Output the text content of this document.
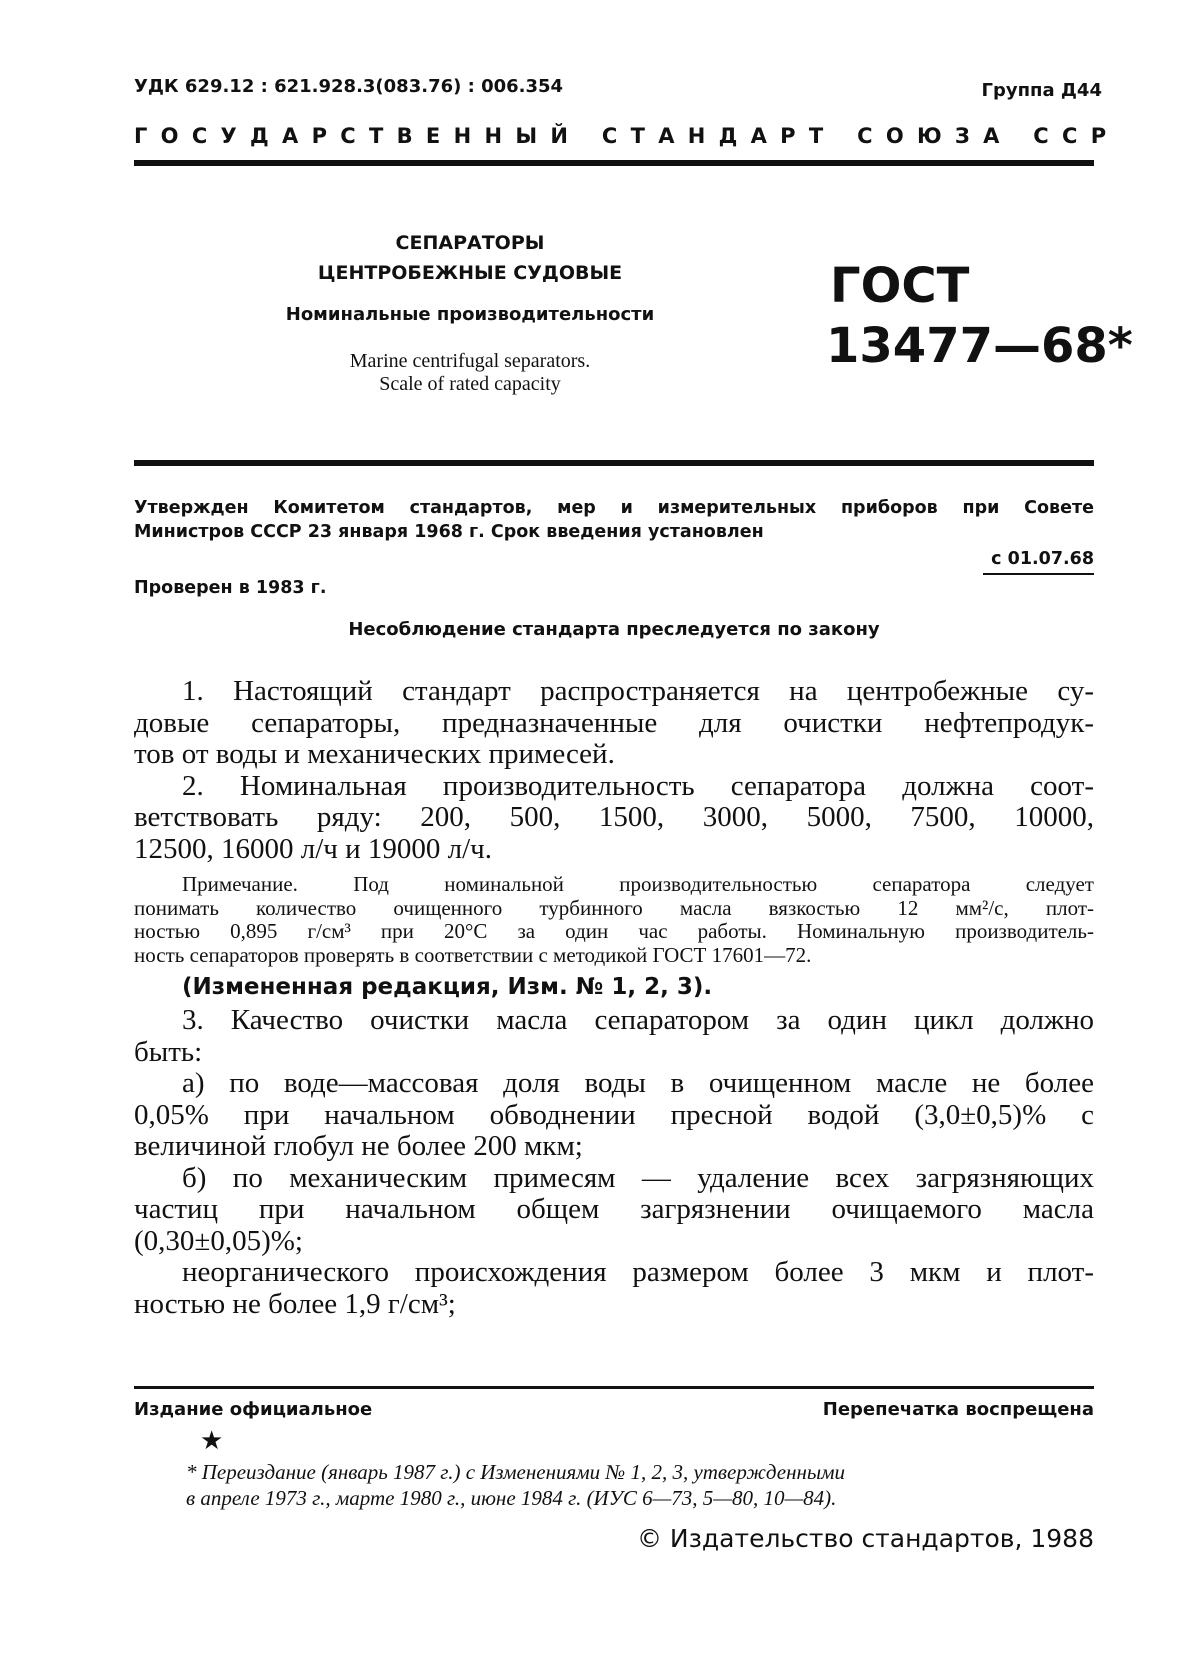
УДК 629.12 : 621.928.3(083.76) : 006.354	Группа Д44
ГОСУДАРСТВЕННЫЙ СТАНДАРТ СОЮЗА ССР
СЕПАРАТОРЫ
ЦЕНТРОБЕЖНЫЕ СУДОВЫЕ
Номинальные производительности
Marine centrifugal separators.
Scale of rated capacity
ГОСТ
13477—68*
Утвержден Комитетом стандартов, мер и измерительных приборов при Совете
Министров СССР 23 января 1968 г. Срок введения установлен
с 01.07.68
Проверен в 1983 г.
Несоблюдение стандарта преследуется по закону

1. Настоящий стандарт распространяется на центробежные су-

довые сепараторы, предназначенные для очистки нефтепродук-

тов от воды и механических примесей.

2. Номинальная производительность сепаратора должна соот-

ветствовать ряду: 200, 500, 1500, 3000, 5000, 7500, 10000,

12500, 16000 л/ч и 19000 л/ч.

Примечание. Под номинальной производительностью сепаратора следует

понимать количество очищенного турбинного масла вязкостью 12 мм²/с, плот-

ностью 0,895 г/см³ при 20°С за один час работы. Номинальную производитель-

ность сепараторов проверять в соответствии с методикой ГОСТ 17601—72.

(Измененная редакция, Изм. № 1, 2, 3).

3. Качество очистки масла сепаратором за один цикл должно

быть:

а) по воде—массовая доля воды в очищенном масле не более

0,05% при начальном обводнении пресной водой (3,0±0,5)% с

величиной глобул не более 200 мкм;

б) по механическим примесям — удаление всех загрязняющих

частиц при начальном общем загрязнении очищаемого масла

(0,30±0,05)%;

неорганического происхождения размером более 3 мкм и плот-

ностью не более 1,9 г/см³;

Издание официальное	Перепечатка воспрещена
★
* Переиздание (январь 1987 г.) с Изменениями № 1, 2, 3, утвержденными
в апреле 1973 г., марте 1980 г., июне 1984 г. (ИУС 6—73, 5—80, 10—84).
© Издательство стандартов, 1988
